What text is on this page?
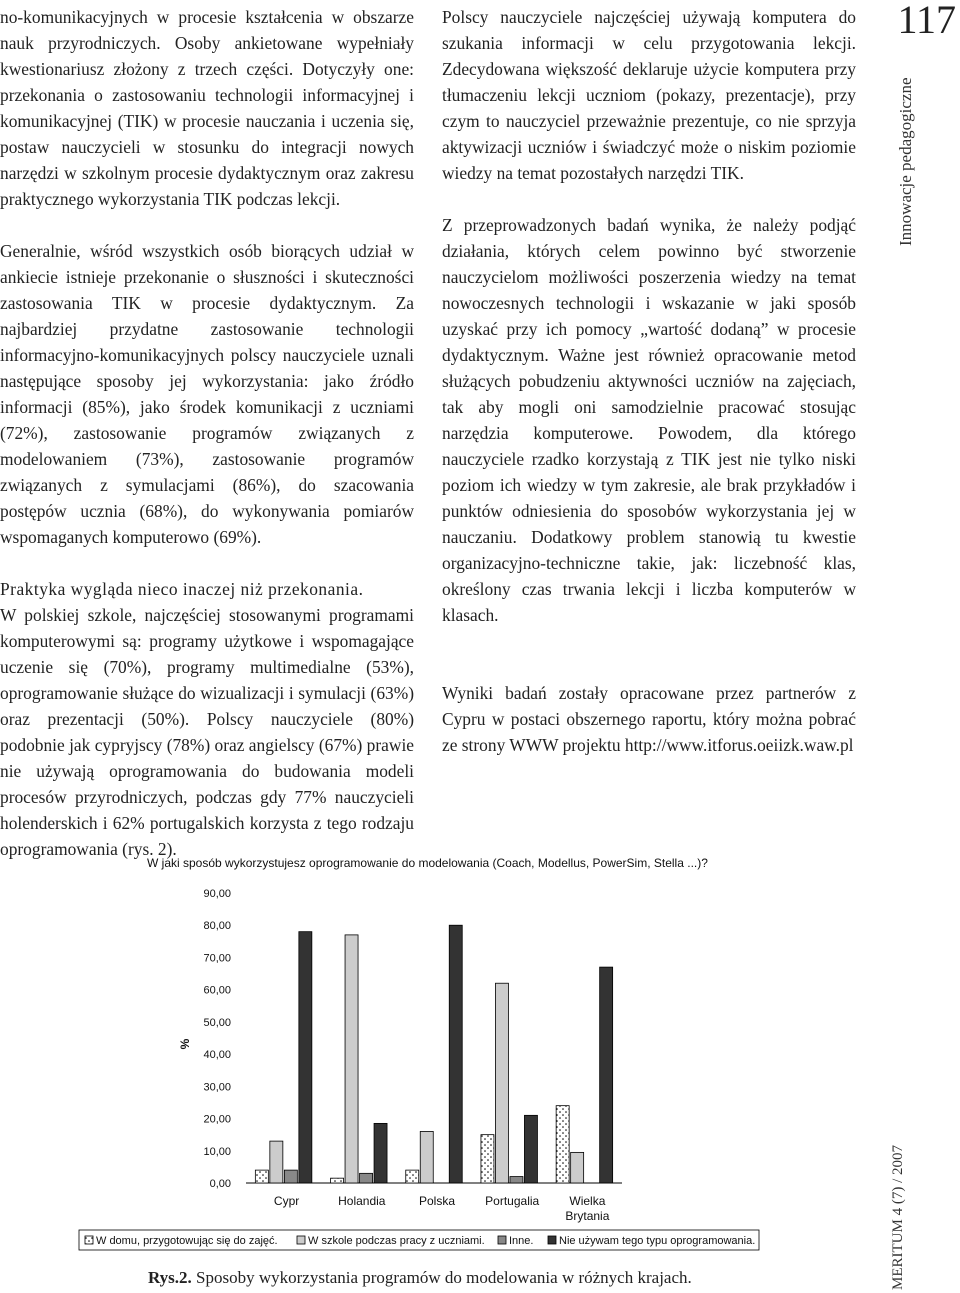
no-komunikacyjnych w procesie kształcenia w obszarze nauk przyrodniczych. Osoby ankietowane wypełniały kwestionariusz złożony z trzech części. Dotyczyły one: przekonania o zastosowaniu technologii informacyjnej i komunikacyjnej (TIK) w procesie nauczania i uczenia się, postaw nauczycieli w stosunku do integracji nowych narzędzi w szkolnym procesie dydaktycznym oraz zakresu praktycznego wykorzystania TIK podczas lekcji.

Generalnie, wśród wszystkich osób biorących udział w ankiecie istnieje przekonanie o słuszności i skuteczności zastosowania TIK w procesie dydaktycznym. Za najbardziej przydatne zastosowanie technologii informacyjno-komunikacyjnych polscy nauczyciele uznali następujące sposoby jej wykorzystania: jako źródło informacji (85%), jako środek komunikacji z uczniami (72%), zastosowanie programów związanych z modelowaniem (73%), zastosowanie programów związanych z symulacjami (86%), do szacowania postępów ucznia (68%), do wykonywania pomiarów wspomaganych komputerowo (69%).

Praktyka wygląda nieco inaczej niż przekonania.
W polskiej szkole, najczęściej stosowanymi programami komputerowymi są: programy użytkowe i wspomagające uczenie się (70%), programy multimedialne (53%), oprogramowanie służące do wizualizacji i symulacji (63%) oraz prezentacji (50%). Polscy nauczyciele (80%) podobnie jak cypryjscy (78%) oraz angielscy (67%) prawie nie używają oprogramowania do budowania modeli procesów przyrodniczych, podczas gdy 77% nauczycieli holenderskich i 62% portugalskich korzysta z tego rodzaju oprogramowania (rys. 2).

Polscy nauczyciele najczęściej używają komputera do szukania informacji w celu przygotowania lekcji. Zdecydowana większość deklaruje użycie komputera przy tłumaczeniu lekcji uczniom (pokazy, prezentacje), przy czym to nauczyciel przeważnie prezentuje, co nie sprzyja aktywizacji uczniów i świadczyć może o niskim poziomie wiedzy na temat pozostałych narzędzi TIK.

Z przeprowadzonych badań wynika, że należy podjąć działania, których celem powinno być stworzenie nauczycielom możliwości poszerzenia wiedzy na temat nowoczesnych technologii i wskazanie w jaki sposób uzyskać przy ich pomocy „wartość dodaną” w procesie dydaktycznym. Ważne jest również opracowanie metod służących pobudzeniu aktywności uczniów na zajęciach, tak aby mogli oni samodzielnie pracować stosując narzędzia komputerowe. Powodem, dla którego nauczyciele rzadko korzystają z TIK jest nie tylko niski poziom ich wiedzy w tym zakresie, ale brak przykładów i punktów odniesienia do sposobów wykorzystania jej w nauczaniu. Dodatkowy problem stanowią tu kwestie organizacyjno-techniczne takie, jak: liczebność klas, określony czas trwania lekcji i liczba komputerów w klasach.

Wyniki badań zostały opracowane przez partnerów z Cypru w postaci obszernego raportu, który można pobrać ze strony WWW projektu http://www.itforus.oeiizk.waw.pl

117
Innowacje pedagogiczne
MERITUM 4 (7) / 2007
W jaki sposób wykorzystujesz oprogramowanie do modelowania (Coach, Modellus, PowerSim, Stella ...)?
0,00
10,00
20,00
30,00
40,00
50,00
60,00
70,00
80,00
90,00
%
Cypr	Holandia	Polska	Portugalia	Wielka
Brytania
W domu, przygotowując się do zajęć.	W szkole podczas pracy z uczniami. Inne. Nie używam tego typu oprogramowania.
Rys.2. Sposoby wykorzystania programów do modelowania w różnych krajach.
